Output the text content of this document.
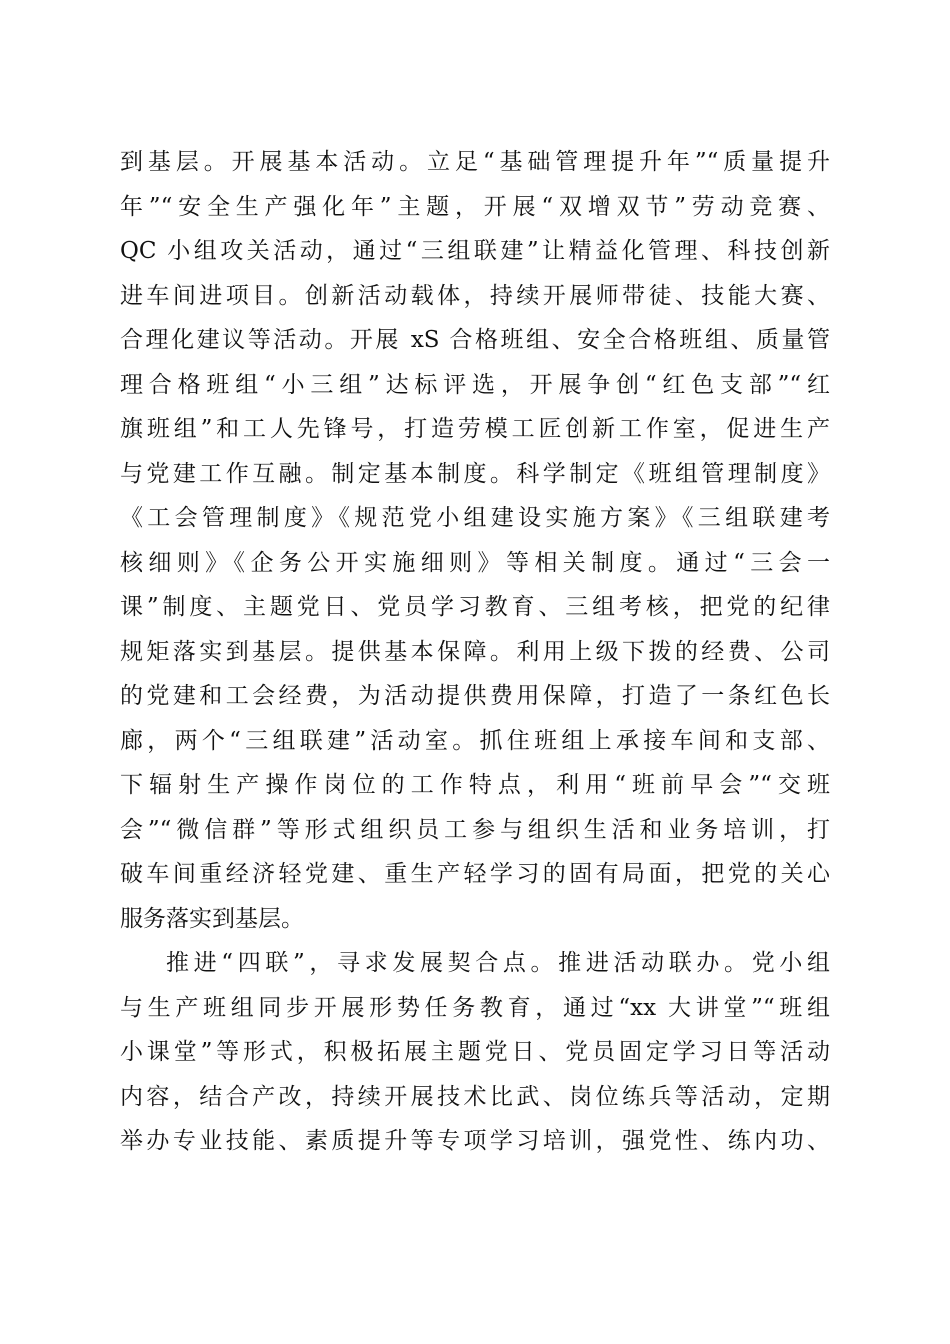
到基层。开展基本活动。立足“基础管理提升年”“质量提升
年”“安全生产强化年”主题，开展“双增双节”劳动竞赛、
QC 小组攻关活动，通过“三组联建”让精益化管理、科技创新
进车间进项目。创新活动载体，持续开展师带徒、技能大赛、
合理化建议等活动。开展 xS 合格班组、安全合格班组、质量管
理合格班组“小三组”达标评选，开展争创“红色支部”“红
旗班组”和工人先锋号，打造劳模工匠创新工作室，促进生产
与党建工作互融。制定基本制度。科学制定《班组管理制度》
《工会管理制度》《规范党小组建设实施方案》《三组联建考
核细则》《企务公开实施细则》等相关制度。通过“三会一
课”制度、主题党日、党员学习教育、三组考核，把党的纪律
规矩落实到基层。提供基本保障。利用上级下拨的经费、公司
的党建和工会经费，为活动提供费用保障，打造了一条红色长
廊，两个“三组联建”活动室。抓住班组上承接车间和支部、
下辐射生产操作岗位的工作特点，利用“班前早会”“交班
会”“微信群”等形式组织员工参与组织生活和业务培训，打
破车间重经济轻党建、重生产轻学习的固有局面，把党的关心
服务落实到基层。
推进“四联”，寻求发展契合点。推进活动联办。党小组
与生产班组同步开展形势任务教育，通过“xx 大讲堂”“班组
小课堂”等形式，积极拓展主题党日、党员固定学习日等活动
内容，结合产改，持续开展技术比武、岗位练兵等活动，定期
举办专业技能、素质提升等专项学习培训，强党性、练内功、
